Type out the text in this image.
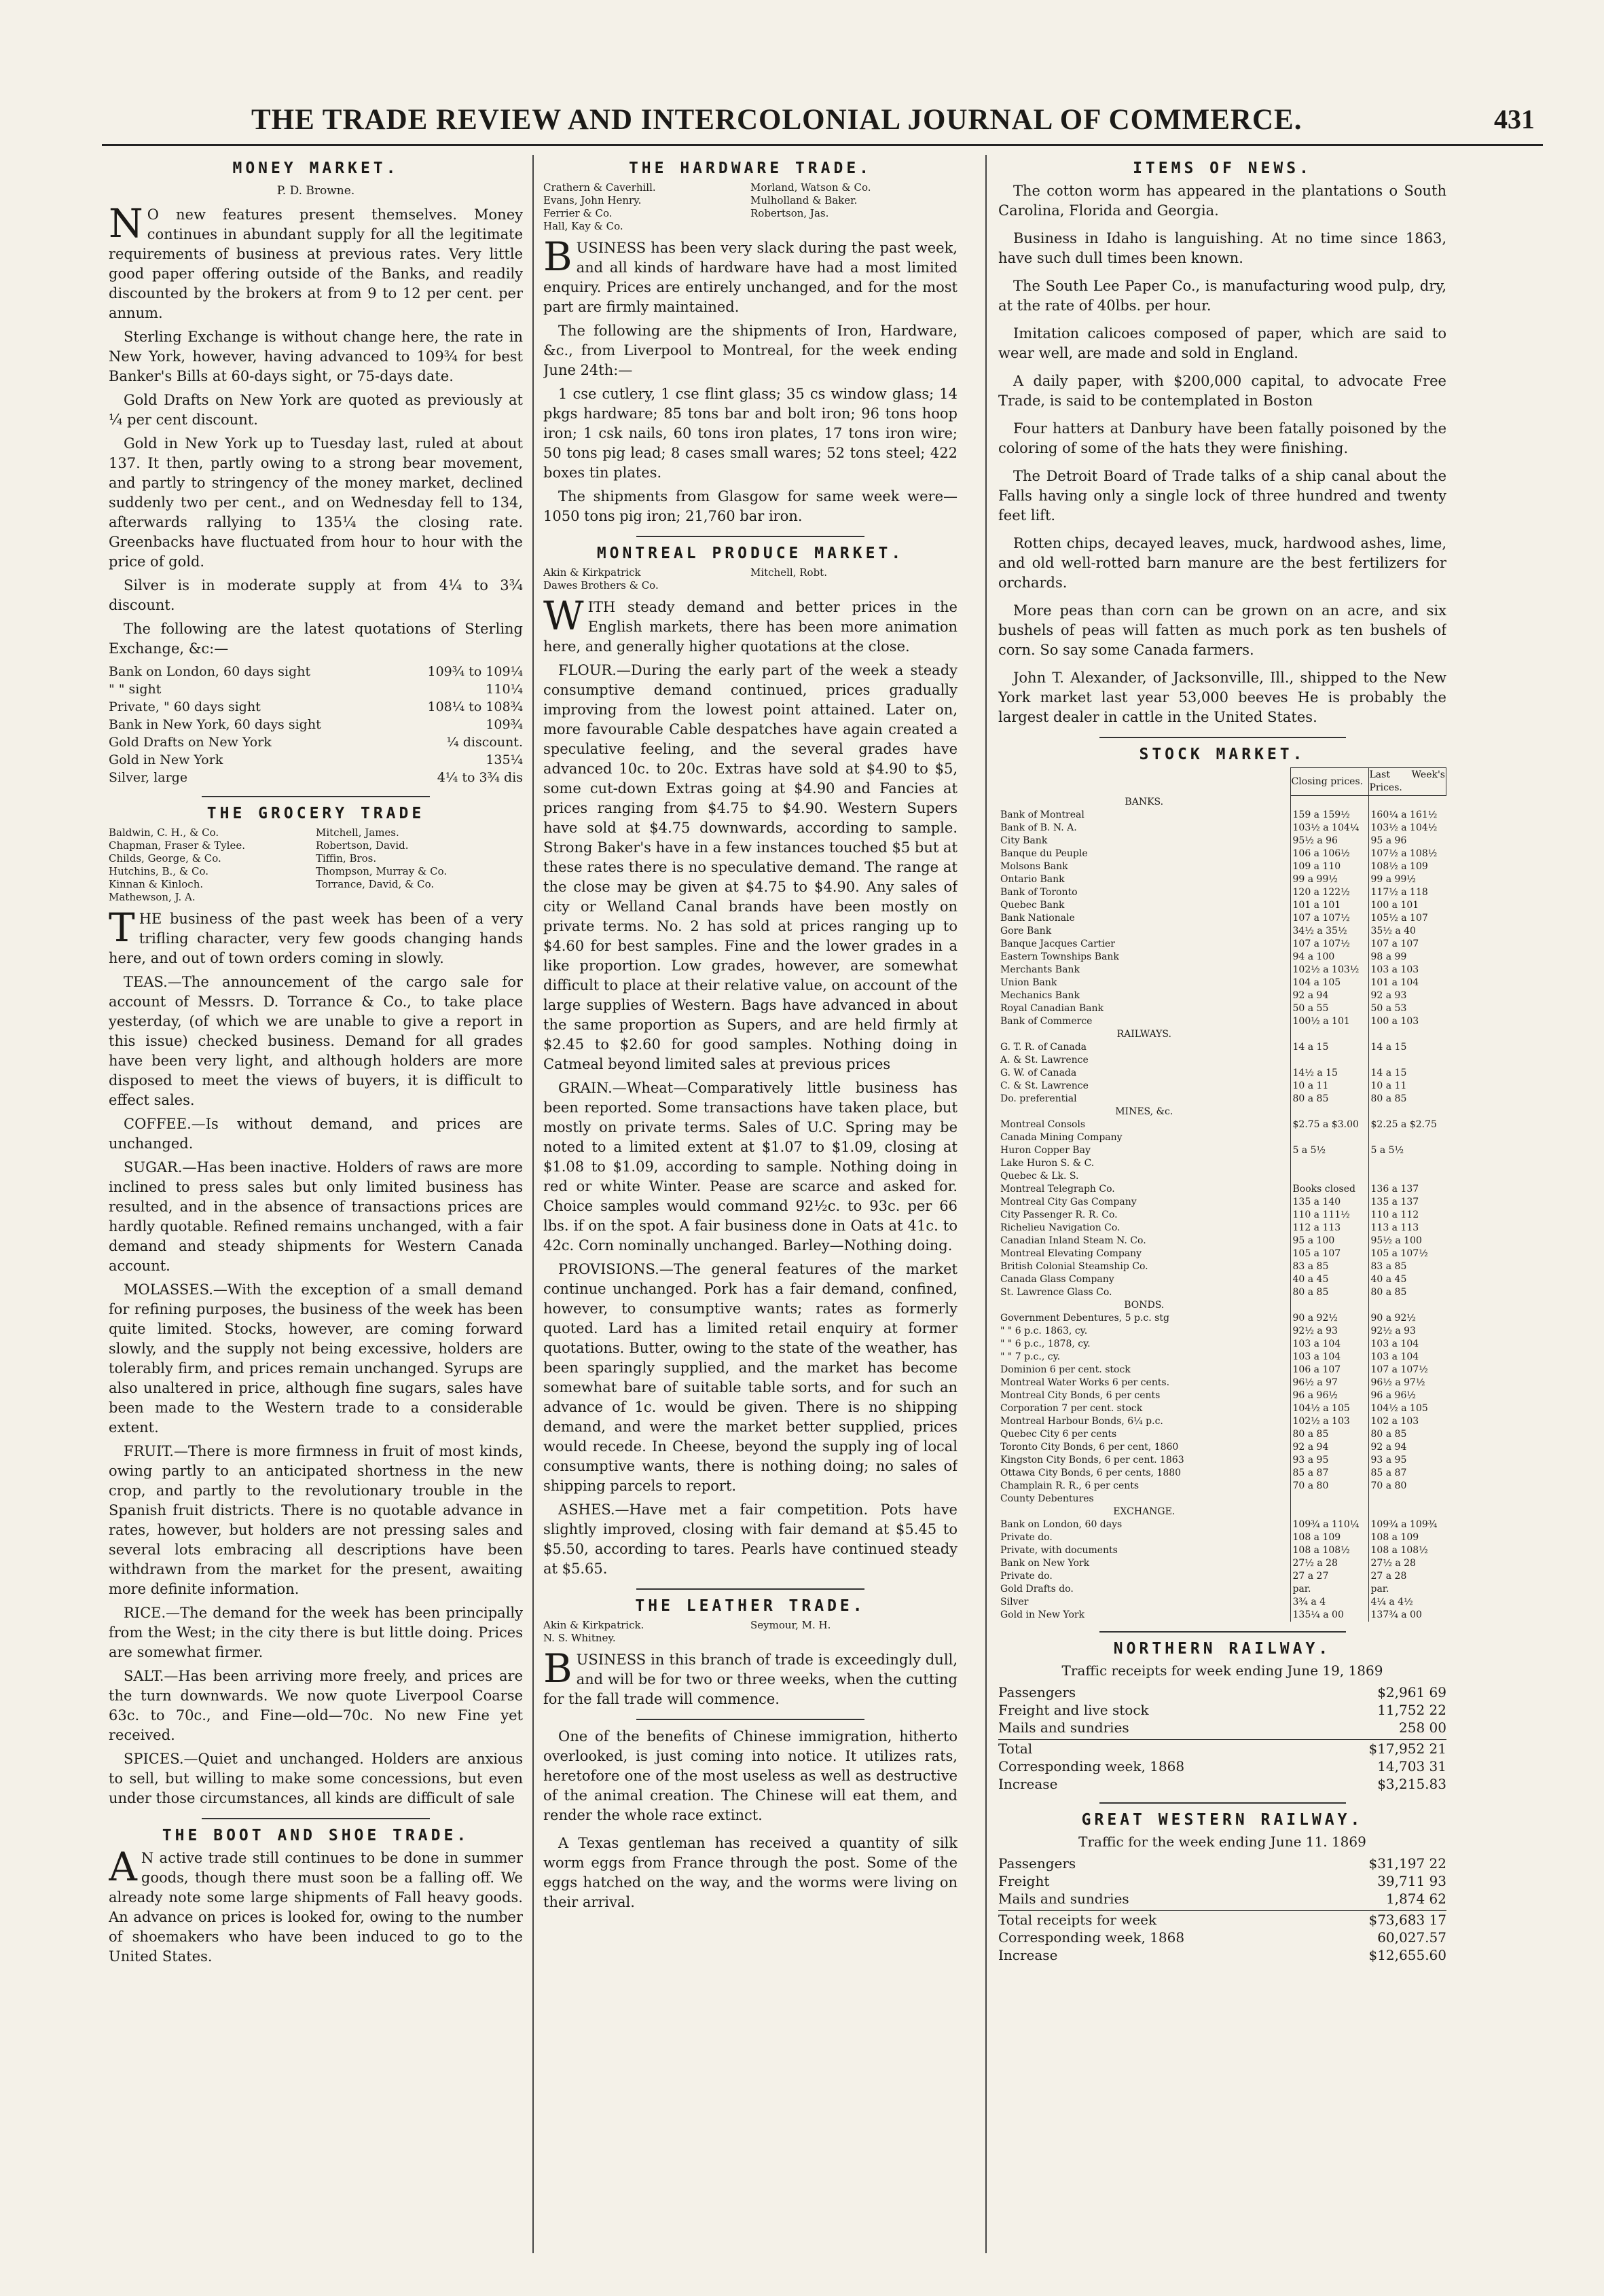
THE TRADE REVIEW AND INTERCOLONIAL JOURNAL OF COMMERCE.	431
MONEY MARKET.
P. D. Browne.

NO new features present themselves. Money continues in abundant supply for all the legitimate requirements of business at previous rates. Very little good paper offering outside of the Banks, and readily discounted by the brokers at from 9 to 12 per cent. per annum.

Sterling Exchange is without change here, the rate in New York, however, having advanced to 109¾ for best Banker's Bills at 60-days sight, or 75-days date.

Gold Drafts on New York are quoted as previously at ¼ per cent discount.

Gold in New York up to Tuesday last, ruled at about 137. It then, partly owing to a strong bear movement, and partly to stringency of the money market, declined suddenly two per cent., and on Wednesday fell to 134, afterwards rallying to 135¼ the closing rate. Greenbacks have fluctuated from hour to hour with the price of gold.

Silver is in moderate supply at from 4¼ to 3¾ discount.

The following are the latest quotations of Sterling Exchange, &c:—

Bank on London, 60 days sight	109¾ to 109¼
" " sight	110¼
Private, " 60 days sight	108¼ to 108¾
Bank in New York, 60 days sight	109¾
Gold Drafts on New York	¼ discount.
Gold in New York	135¼
Silver, large	4¼ to 3¾ dis
THE GROCERY TRADE
Baldwin, C. H., & Co.	Mitchell, James.
Chapman, Fraser & Tylee.	Robertson, David.
Childs, George, & Co.	Tiffin, Bros.
Hutchins, B., & Co.	Thompson, Murray & Co.
Kinnan & Kinloch.	Torrance, David, & Co.
Mathewson, J. A.

THE business of the past week has been of a very trifling character, very few goods changing hands here, and out of town orders coming in slowly.

TEAS.—The announcement of the cargo sale for account of Messrs. D. Torrance & Co., to take place yesterday, (of which we are unable to give a report in this issue) checked business. Demand for all grades have been very light, and although holders are more disposed to meet the views of buyers, it is difficult to effect sales.

COFFEE.—Is without demand, and prices are unchanged.

SUGAR.—Has been inactive. Holders of raws are more inclined to press sales but only limited business has resulted, and in the absence of transactions prices are hardly quotable. Refined remains unchanged, with a fair demand and steady shipments for Western Canada account.

MOLASSES.—With the exception of a small demand for refining purposes, the business of the week has been quite limited. Stocks, however, are coming forward slowly, and the supply not being excessive, holders are tolerably firm, and prices remain unchanged. Syrups are also unaltered in price, although fine sugars, sales have been made to the Western trade to a considerable extent.

FRUIT.—There is more firmness in fruit of most kinds, owing partly to an anticipated shortness in the new crop, and partly to the revolutionary trouble in the Spanish fruit districts. There is no quotable advance in rates, however, but holders are not pressing sales and several lots embracing all descriptions have been withdrawn from the market for the present, awaiting more definite information.

RICE.—The demand for the week has been principally from the West; in the city there is but little doing. Prices are somewhat firmer.

SALT.—Has been arriving more freely, and prices are the turn downwards. We now quote Liverpool Coarse 63c. to 70c., and Fine—old—70c. No new Fine yet received.

SPICES.—Quiet and unchanged. Holders are anxious to sell, but willing to make some concessions, but even under those circumstances, all kinds are difficult of sale

THE BOOT AND SHOE TRADE.

AN active trade still continues to be done in summer goods, though there must soon be a falling off. We already note some large shipments of Fall heavy goods. An advance on prices is looked for, owing to the number of shoemakers who have been induced to go to the United States.

THE HARDWARE TRADE.
Crathern & Caverhill.	Morland, Watson & Co.
Evans, John Henry.	Mulholland & Baker.
Ferrier & Co.	Robertson, Jas.
Hall, Kay & Co.

BUSINESS has been very slack during the past week, and all kinds of hardware have had a most limited enquiry. Prices are entirely unchanged, and for the most part are firmly maintained.

The following are the shipments of Iron, Hardware, &c., from Liverpool to Montreal, for the week ending June 24th:—

1 cse cutlery, 1 cse flint glass; 35 cs window glass; 14 pkgs hardware; 85 tons bar and bolt iron; 96 tons hoop iron; 1 csk nails, 60 tons iron plates, 17 tons iron wire; 50 tons pig lead; 8 cases small wares; 52 tons steel; 422 boxes tin plates.

The shipments from Glasgow for same week were—1050 tons pig iron; 21,760 bar iron.

MONTREAL PRODUCE MARKET.
Akin & Kirkpatrick	Mitchell, Robt.
Dawes Brothers & Co.

WITH steady demand and better prices in the English markets, there has been more animation here, and generally higher quotations at the close.

FLOUR.—During the early part of the week a steady consumptive demand continued, prices gradually improving from the lowest point attained. Later on, more favourable Cable despatches have again created a speculative feeling, and the several grades have advanced 10c. to 20c. Extras have sold at $4.90 to $5, some cut-down Extras going at $4.90 and Fancies at prices ranging from $4.75 to $4.90. Western Supers have sold at $4.75 downwards, according to sample. Strong Baker's have in a few instances touched $5 but at these rates there is no speculative demand. The range at the close may be given at $4.75 to $4.90. Any sales of city or Welland Canal brands have been mostly on private terms. No. 2 has sold at prices ranging up to $4.60 for best samples. Fine and the lower grades in a like proportion. Low grades, however, are somewhat difficult to place at their relative value, on account of the large supplies of Western. Bags have advanced in about the same proportion as Supers, and are held firmly at $2.45 to $2.60 for good samples. Nothing doing in Catmeal beyond limited sales at previous prices

GRAIN.—Wheat—Comparatively little business has been reported. Some transactions have taken place, but mostly on private terms. Sales of U.C. Spring may be noted to a limited extent at $1.07 to $1.09, closing at $1.08 to $1.09, according to sample. Nothing doing in red or white Winter. Pease are scarce and asked for. Choice samples would command 92½c. to 93c. per 66 lbs. if on the spot. A fair business done in Oats at 41c. to 42c. Corn nominally unchanged. Barley—Nothing doing.

PROVISIONS.—The general features of the market continue unchanged. Pork has a fair demand, confined, however, to consumptive wants; rates as formerly quoted. Lard has a limited retail enquiry at former quotations. Butter, owing to the state of the weather, has been sparingly supplied, and the market has become somewhat bare of suitable table sorts, and for such an advance of 1c. would be given. There is no shipping demand, and were the market better supplied, prices would recede. In Cheese, beyond the supply ing of local consumptive wants, there is nothing doing; no sales of shipping parcels to report.

ASHES.—Have met a fair competition. Pots have slightly improved, closing with fair demand at $5.45 to $5.50, according to tares. Pearls have continued steady at $5.65.

THE LEATHER TRADE.
Akin & Kirkpatrick.	Seymour, M. H.
N. S. Whitney.

BUSINESS in this branch of trade is exceedingly dull, and will be for two or three weeks, when the cutting for the fall trade will commence.

One of the benefits of Chinese immigration, hitherto overlooked, is just coming into notice. It utilizes rats, heretofore one of the most useless as well as destructive of the animal creation. The Chinese will eat them, and render the whole race extinct.

A Texas gentleman has received a quantity of silk worm eggs from France through the post. Some of the eggs hatched on the way, and the worms were living on their arrival.

ITEMS OF NEWS.

The cotton worm has appeared in the plantations o South Carolina, Florida and Georgia.

Business in Idaho is languishing. At no time since 1863, have such dull times been known.

The South Lee Paper Co., is manufacturing wood pulp, dry, at the rate of 40lbs. per hour.

Imitation calicoes composed of paper, which are said to wear well, are made and sold in England.

A daily paper, with $200,000 capital, to advocate Free Trade, is said to be contemplated in Boston

Four hatters at Danbury have been fatally poisoned by the coloring of some of the hats they were finishing.

The Detroit Board of Trade talks of a ship canal about the Falls having only a single lock of three hundred and twenty feet lift.

Rotten chips, decayed leaves, muck, hardwood ashes, lime, and old well-rotted barn manure are the best fertilizers for orchards.

More peas than corn can be grown on an acre, and six bushels of peas will fatten as much pork as ten bushels of corn. So say some Canada farmers.

John T. Alexander, of Jacksonville, Ill., shipped to the New York market last year 53,000 beeves He is probably the largest dealer in cattle in the United States.

STOCK MARKET.
	Closing prices.	Last Week's Prices.
BANKS.		
Bank of Montreal	159 a 159½	160¼ a 161½
Bank of B. N. A.	103½ a 104¼	103½ a 104½
City Bank	95½ a 96	95 a 96
Banque du Peuple	106 a 106½	107½ a 108½
Molsons Bank	109 a 110	108½ a 109
Ontario Bank	99 a 99½	99 a 99½
Bank of Toronto	120 a 122½	117½ a 118
Quebec Bank	101 a 101	100 a 101
Bank Nationale	107 a 107½	105½ a 107
Gore Bank	34½ a 35½	35½ a 40
Banque Jacques Cartier	107 a 107½	107 a 107
Eastern Townships Bank	94 a 100	98 a 99
Merchants Bank	102½ a 103½	103 a 103
Union Bank	104 a 105	101 a 104
Mechanics Bank	92 a 94	92 a 93
Royal Canadian Bank	50 a 55	50 a 53
Bank of Commerce	100½ a 101	100 a 103
RAILWAYS.		
G. T. R. of Canada	14 a 15	14 a 15
A. & St. Lawrence		
G. W. of Canada	14½ a 15	14 a 15
C. & St. Lawrence	10 a 11	10 a 11
Do. preferential	80 a 85	80 a 85
MINES, &c.		
Montreal Consols	$2.75 a $3.00	$2.25 a $2.75
Canada Mining Company		
Huron Copper Bay	5 a 5½	5 a 5½
Lake Huron S. & C.		
Quebec & Lk. S.		
Montreal Telegraph Co.	Books closed	136 a 137
Montreal City Gas Company	135 a 140	135 a 137
City Passenger R. R. Co.	110 a 111½	110 a 112
Richelieu Navigation Co.	112 a 113	113 a 113
Canadian Inland Steam N. Co.	95 a 100	95½ a 100
Montreal Elevating Company	105 a 107	105 a 107½
British Colonial Steamship Co.	83 a 85	83 a 85
Canada Glass Company	40 a 45	40 a 45
St. Lawrence Glass Co.	80 a 85	80 a 85
BONDS.		
Government Debentures, 5 p.c. stg	90 a 92½	90 a 92½
" " 6 p.c. 1863, cy.	92½ a 93	92½ a 93
" " 6 p.c., 1878, cy.	103 a 104	103 a 104
" " 7 p.c., cy.	103 a 104	103 a 104
Dominion 6 per cent. stock	106 a 107	107 a 107½
Montreal Water Works 6 per cents.	96½ a 97	96½ a 97½
Montreal City Bonds, 6 per cents	96 a 96½	96 a 96½
Corporation 7 per cent. stock	104½ a 105	104½ a 105
Montreal Harbour Bonds, 6¼ p.c.	102½ a 103	102 a 103
Quebec City 6 per cents	80 a 85	80 a 85
Toronto City Bonds, 6 per cent, 1860	92 a 94	92 a 94
Kingston City Bonds, 6 per cent. 1863	93 a 95	93 a 95
Ottawa City Bonds, 6 per cents, 1880	85 a 87	85 a 87
Champlain R. R., 6 per cents	70 a 80	70 a 80
County Debentures		
EXCHANGE.		
Bank on London, 60 days	109¾ a 110¼	109¾ a 109¾
Private do.	108 a 109	108 a 109
Private, with documents	108 a 108½	108 a 108½
Bank on New York	27½ a 28	27½ a 28
Private do.	27 a 27	27 a 28
Gold Drafts do.	par.	par.
Silver	3¾ a 4	4¼ a 4½
Gold in New York	135¼ a 00	137¾ a 00
NORTHERN RAILWAY.
Traffic receipts for week ending June 19, 1869
Passengers	$2,961 69
Freight and live stock	11,752 22
Mails and sundries	258 00
Total	$17,952 21
Corresponding week, 1868	14,703 31
Increase	$3,215.83
GREAT WESTERN RAILWAY.
Traffic for the week ending June 11. 1869
Passengers	$31,197 22
Freight	39,711 93
Mails and sundries	1,874 62
Total receipts for week	$73,683 17
Corresponding week, 1868	60,027.57
Increase	$12,655.60
